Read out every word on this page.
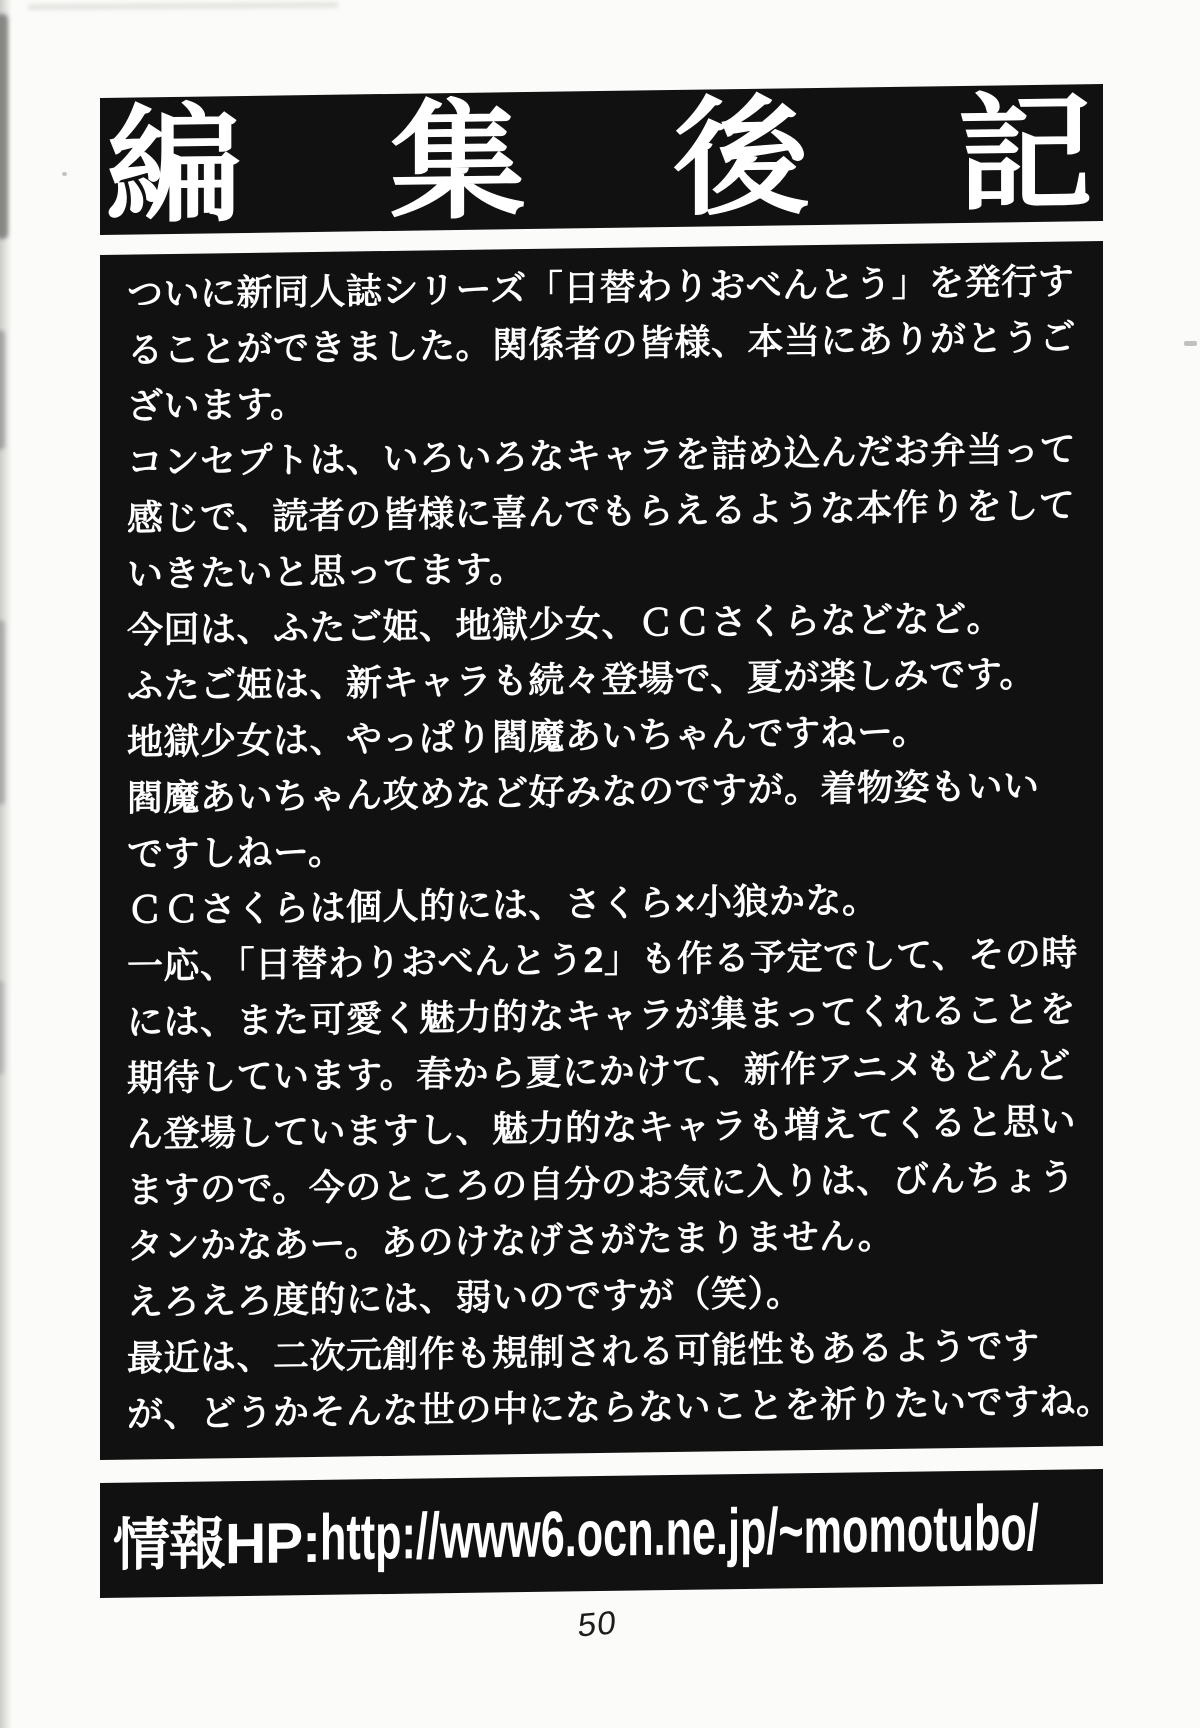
編 集 後 記
ついに新同人誌シリーズ「日替わりおべんとう」を発行す
ることができました。関係者の皆様、本当にありがとうご
ざいます。
コンセプトは、いろいろなキャラを詰め込んだお弁当って
感じで、読者の皆様に喜んでもらえるような本作りをして
いきたいと思ってます。
今回は、ふたご姫、地獄少女、ＣＣさくらなどなど。
ふたご姫は、新キャラも続々登場で、夏が楽しみです。
地獄少女は、やっぱり閻魔あいちゃんですねー。
閻魔あいちゃん攻めなど好みなのですが。着物姿もいい
ですしねー。
ＣＣさくらは個人的には、さくら×小狼かな。
一応、「日替わりおべんとう2」も作る予定でして、その時
には、また可愛く魅力的なキャラが集まってくれることを
期待しています。春から夏にかけて、新作アニメもどんど
ん登場していますし、魅力的なキャラも増えてくると思い
ますので。今のところの自分のお気に入りは、びんちょう
タンかなあー。あのけなげさがたまりません。
えろえろ度的には、弱いのですが（笑）。
最近は、二次元創作も規制される可能性もあるようです
が、どうかそんな世の中にならないことを祈りたいですね。
情報HP: http://www6.ocn.ne.jp/~momotubo/
50
